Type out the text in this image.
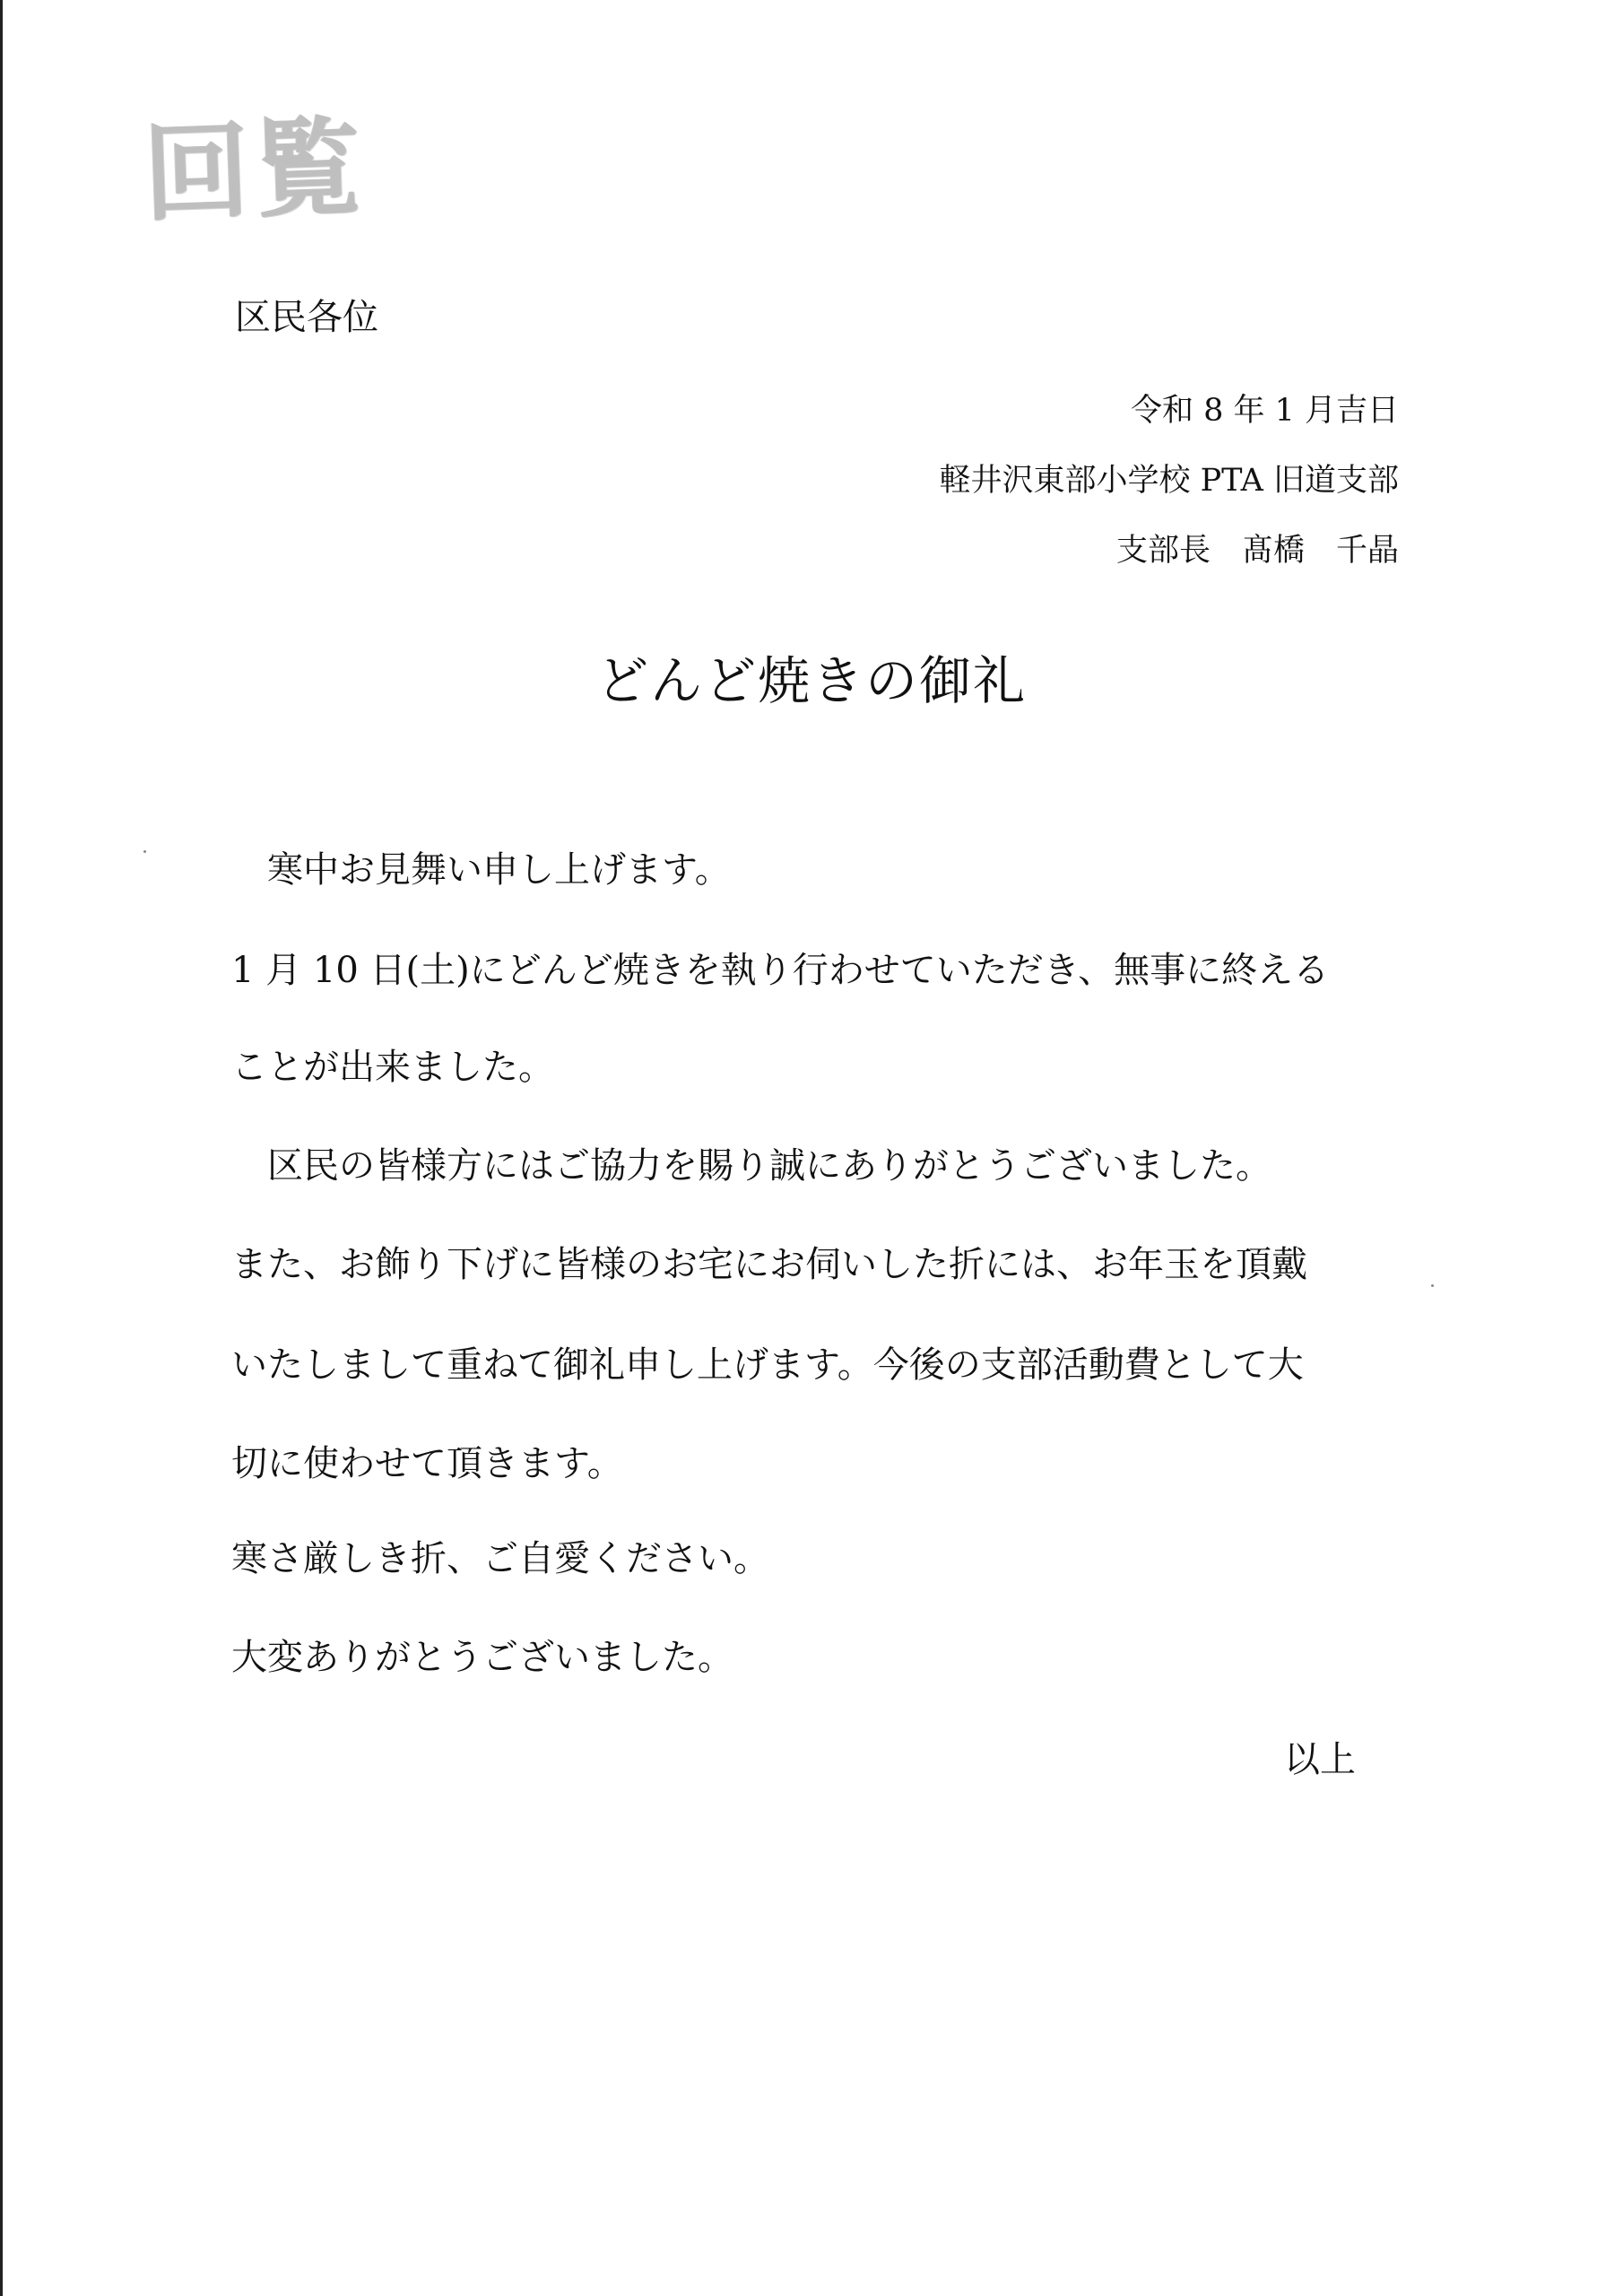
回覧
区民各位
令和 8 年 1 月吉日
軽井沢東部小学校 PTA 旧道支部
支部長　髙橋　千晶
どんど焼きの御礼
　寒中お見舞い申し上げます。
1 月 10 日(土)にどんど焼きを執り行わせていただき、無事に終える
ことが出来ました。
　区民の皆様方にはご協力を賜り誠にありがとうございました。
また、お飾り下げに皆様のお宅にお伺いした折には、お年玉を頂戴
いたしまして重ねて御礼申し上げます。今後の支部活動費として大
切に使わせて頂きます。
寒さ厳しき折、ご自愛ください。
大変ありがとうございました。
以上
